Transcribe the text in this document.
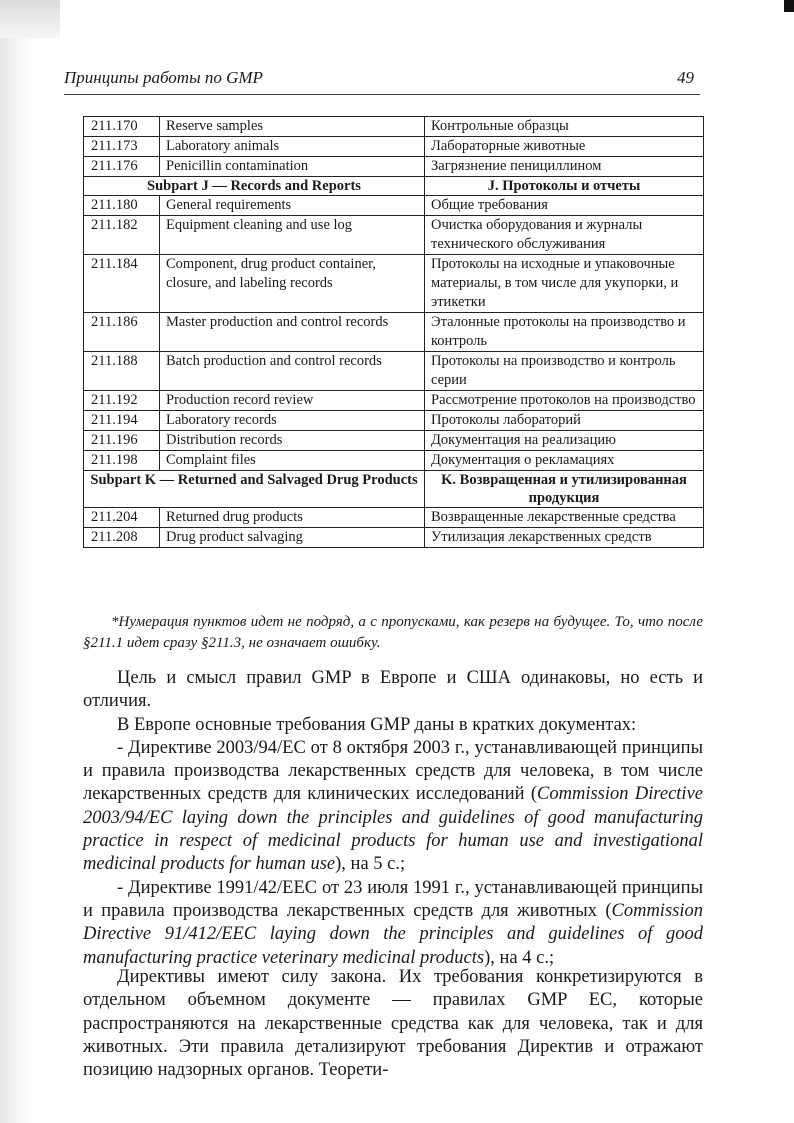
Принципы работы по GMP	49
211.170	Reserve samples	Контрольные образцы
211.173	Laboratory animals	Лабораторные животные
211.176	Penicillin contamination	Загрязнение пенициллином
Subpart J — Records and Reports		J. Протоколы и отчеты
211.180	General requirements	Общие требования
211.182	Equipment cleaning and use log	Очистка оборудования и журналы технического обслуживания
211.184	Component, drug product container, closure, and labeling records	Протоколы на исходные и упаковочные материалы, в том числе для укупорки, и этикетки
211.186	Master production and control records	Эталонные протоколы на производство и контроль
211.188	Batch production and control records	Протоколы на производство и контроль серии
211.192	Production record review	Рассмотрение протоколов на производство
211.194	Laboratory records	Протоколы лабораторий
211.196	Distribution records	Документация на реализацию
211.198	Complaint files	Документация о рекламациях
Subpart K — Returned and Salvaged Drug Products		K. Возвращенная и утилизированная продукция
211.204	Returned drug products	Возвращенные лекарственные средства
211.208	Drug product salvaging	Утилизация лекарственных средств
*Нумерация пунктов идет не подряд, а с пропусками, как резерв на будущее. То, что после §211.1 идет сразу §211.3, не означает ошибку.

Цель и смысл правил GMP в Европе и США одинаковы, но есть и отличия.

В Европе основные требования GMP даны в кратких документах:

- Директиве 2003/94/ЕС от 8 октября 2003 г., устанавливающей принципы и правила производства лекарственных средств для человека, в том числе лекарственных средств для клинических исследований (Commission Directive 2003/94/EC laying down the principles and guidelines of good manufacturing practice in respect of medicinal products for human use and investigational medicinal products for human use), на 5 с.;

- Директиве 1991/42/EEC от 23 июля 1991 г., устанавливающей принципы и правила производства лекарственных средств для животных (Commission Directive 91/412/EEC laying down the principles and guidelines of good manufacturing practice veterinary medicinal products), на 4 с.;

Директивы имеют силу закона. Их требования конкретизируются в отдельном объемном документе — правилах GMP ЕС, которые распространяются на лекарственные средства как для человека, так и для животных. Эти правила детализируют требования Директив и отражают позицию надзорных органов. Теорети-
